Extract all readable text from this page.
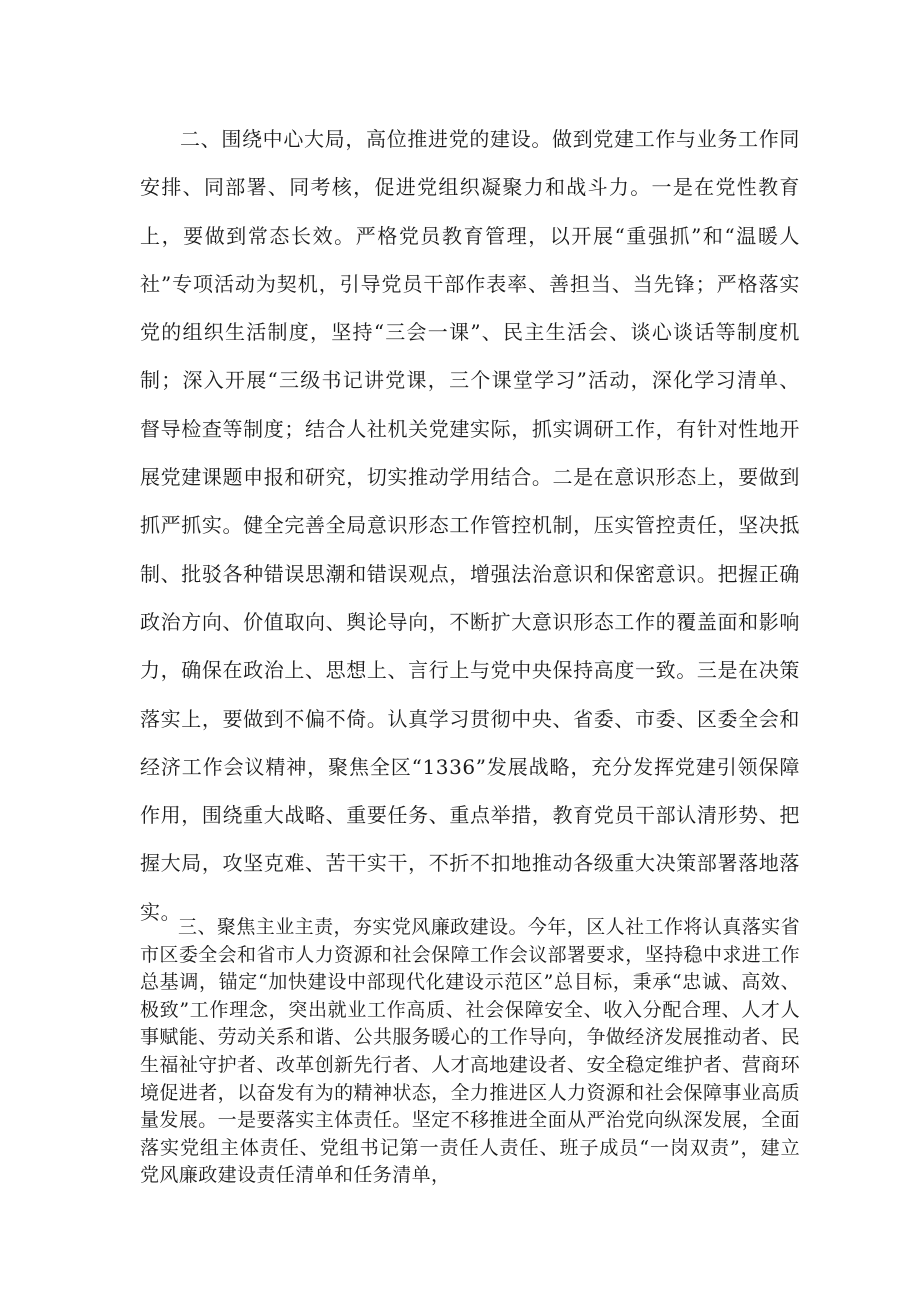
二、围绕中心大局，高位推进党的建设。做到党建工作与业务工作同安排、同部署、同考核，促进党组织凝聚力和战斗力。一是在党性教育上，要做到常态长效。严格党员教育管理，以开展“重强抓”和“温暖人社”专项活动为契机，引导党员干部作表率、善担当、当先锋；严格落实党的组织生活制度，坚持“三会一课”、民主生活会、谈心谈话等制度机制；深入开展“三级书记讲党课，三个课堂学习”活动，深化学习清单、督导检查等制度；结合人社机关党建实际，抓实调研工作，有针对性地开展党建课题申报和研究，切实推动学用结合。二是在意识形态上，要做到抓严抓实。健全完善全局意识形态工作管控机制，压实管控责任，坚决抵制、批驳各种错误思潮和错误观点，增强法治意识和保密意识。把握正确政治方向、价值取向、舆论导向，不断扩大意识形态工作的覆盖面和影响力，确保在政治上、思想上、言行上与党中央保持高度一致。三是在决策落实上，要做到不偏不倚。认真学习贯彻中央、省委、市委、区委全会和经济工作会议精神，聚焦全区“1336”发展战略，充分发挥党建引领保障作用，围绕重大战略、重要任务、重点举措，教育党员干部认清形势、把握大局，攻坚克难、苦干实干，不折不扣地推动各级重大决策部署落地落实。

三、聚焦主业主责，夯实党风廉政建设。今年，区人社工作将认真落实省市区委全会和省市人力资源和社会保障工作会议部署要求，坚持稳中求进工作总基调，锚定“加快建设中部现代化建设示范区”总目标，秉承“忠诚、高效、极致”工作理念，突出就业工作高质、社会保障安全、收入分配合理、人才人事赋能、劳动关系和谐、公共服务暖心的工作导向，争做经济发展推动者、民生福祉守护者、改革创新先行者、人才高地建设者、安全稳定维护者、营商环境促进者，以奋发有为的精神状态，全力推进区人力资源和社会保障事业高质量发展。一是要落实主体责任。坚定不移推进全面从严治党向纵深发展，全面落实党组主体责任、党组书记第一责任人责任、班子成员“一岗双责”，建立党风廉政建设责任清单和任务清单，
